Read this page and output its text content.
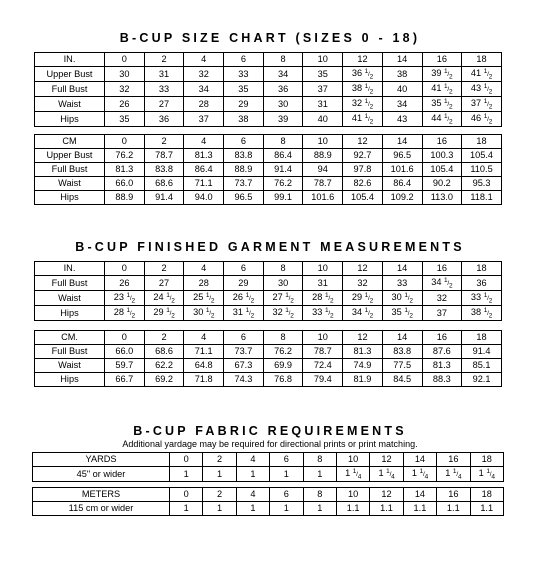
B-CUP SIZE CHART (SIZES 0 - 18)
IN.	0	2	4	6	8	10	12	14	16	18
Upper Bust	30	31	32	33	34	35	36 $^1/_2$	38	39 $^1/_2$	41 $^1/_2$
Full Bust	32	33	34	35	36	37	38 $^1/_2$	40	41 $^1/_2$	43 $^1/_2$
Waist	26	27	28	29	30	31	32 $^1/_2$	34	35 $^1/_2$	37 $^1/_2$
Hips	35	36	37	38	39	40	41 $^1/_2$	43	44 $^1/_2$	46 $^1/_2$
CM	0	2	4	6	8	10	12	14	16	18
Upper Bust	76.2	78.7	81.3	83.8	86.4	88.9	92.7	96.5	100.3	105.4
Full Bust	81.3	83.8	86.4	88.9	91.4	94	97.8	101.6	105.4	110.5
Waist	66.0	68.6	71.1	73.7	76.2	78.7	82.6	86.4	90.2	95.3
Hips	88.9	91.4	94.0	96.5	99.1	101.6	105.4	109.2	113.0	118.1
B-CUP FINISHED GARMENT MEASUREMENTS
IN.	0	2	4	6	8	10	12	14	16	18
Full Bust	26	27	28	29	30	31	32	33	34 $^1/_2$	36
Waist	23 $^1/_2$	24 $^1/_2$	25 $^1/_2$	26 $^1/_2$	27 $^1/_2$	28 $^1/_2$	29 $^1/_2$	30 $^1/_2$	32	33 $^1/_2$
Hips	28 $^1/_2$	29 $^1/_2$	30 $^1/_2$	31 $^1/_2$	32 $^1/_2$	33 $^1/_2$	34 $^1/_2$	35 $^1/_2$	37	38 $^1/_2$
CM.	0	2	4	6	8	10	12	14	16	18
Full Bust	66.0	68.6	71.1	73.7	76.2	78.7	81.3	83.8	87.6	91.4
Waist	59.7	62.2	64.8	67.3	69.9	72.4	74.9	77.5	81.3	85.1
Hips	66.7	69.2	71.8	74.3	76.8	79.4	81.9	84.5	88.3	92.1
B-CUP FABRIC REQUIREMENTS
Additional yardage may be required for directional prints or print matching.
YARDS	0	2	4	6	8	10	12	14	16	18
45" or wider	1	1	1	1	1	1 $^1/_4$	1 $^1/_4$	1 $^1/_4$	1 $^1/_4$	1 $^1/_4$
METERS	0	2	4	6	8	10	12	14	16	18
115 cm or wider	1	1	1	1	1	1.1	1.1	1.1	1.1	1.1
